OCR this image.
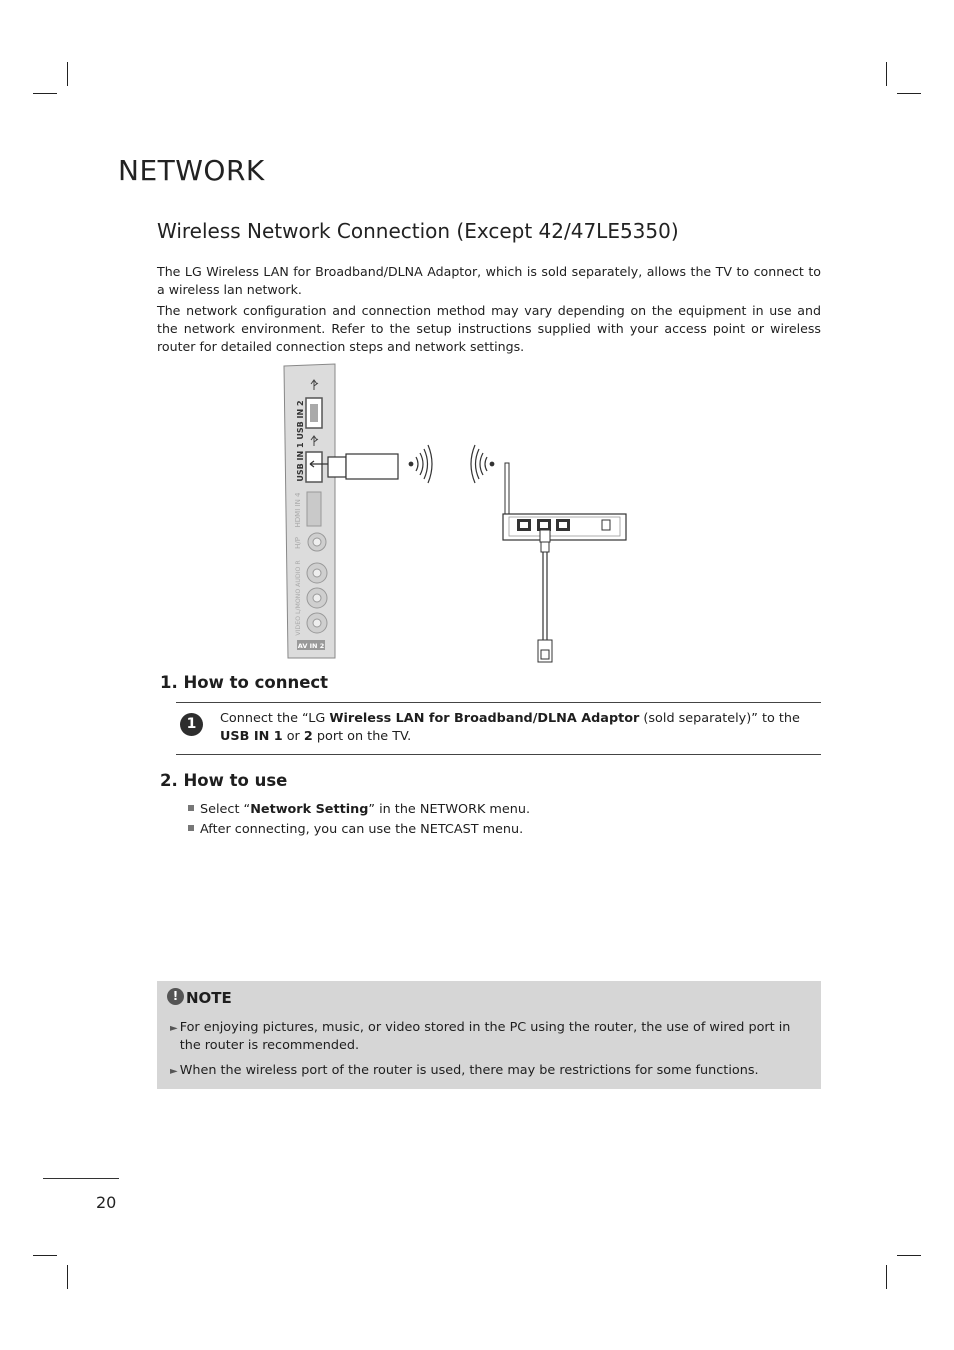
NETWORK
Wireless Network Connection (Except 42/47LE5350)

The LG Wireless LAN for Broadband/DLNA Adaptor, which is sold separately, allows the TV to connect to a wireless lan network.

The network configuration and connection method may vary depending on the equipment in use and the network environment. Refer to the setup instructions supplied with your access point or wireless router for detailed connection steps and network settings.

USB IN 2
USB IN 1
HDMI IN 4
H/P
VIDEO L/MONO AUDIO R
AV IN 2
1. How to connect
1	Connect the “LG Wireless LAN for Broadband/DLNA Adaptor (sold separately)” to the USB IN 1 or 2 port on the TV.

2. How to use
Select “Network Setting” in the NETWORK menu.
After connecting, you can use the NETCAST menu.
! NOTE

► For enjoying pictures, music, or video stored in the PC using the router, the use of wired port in the router is recommended.

► When the wireless port of the router is used, there may be restrictions for some functions.

20
